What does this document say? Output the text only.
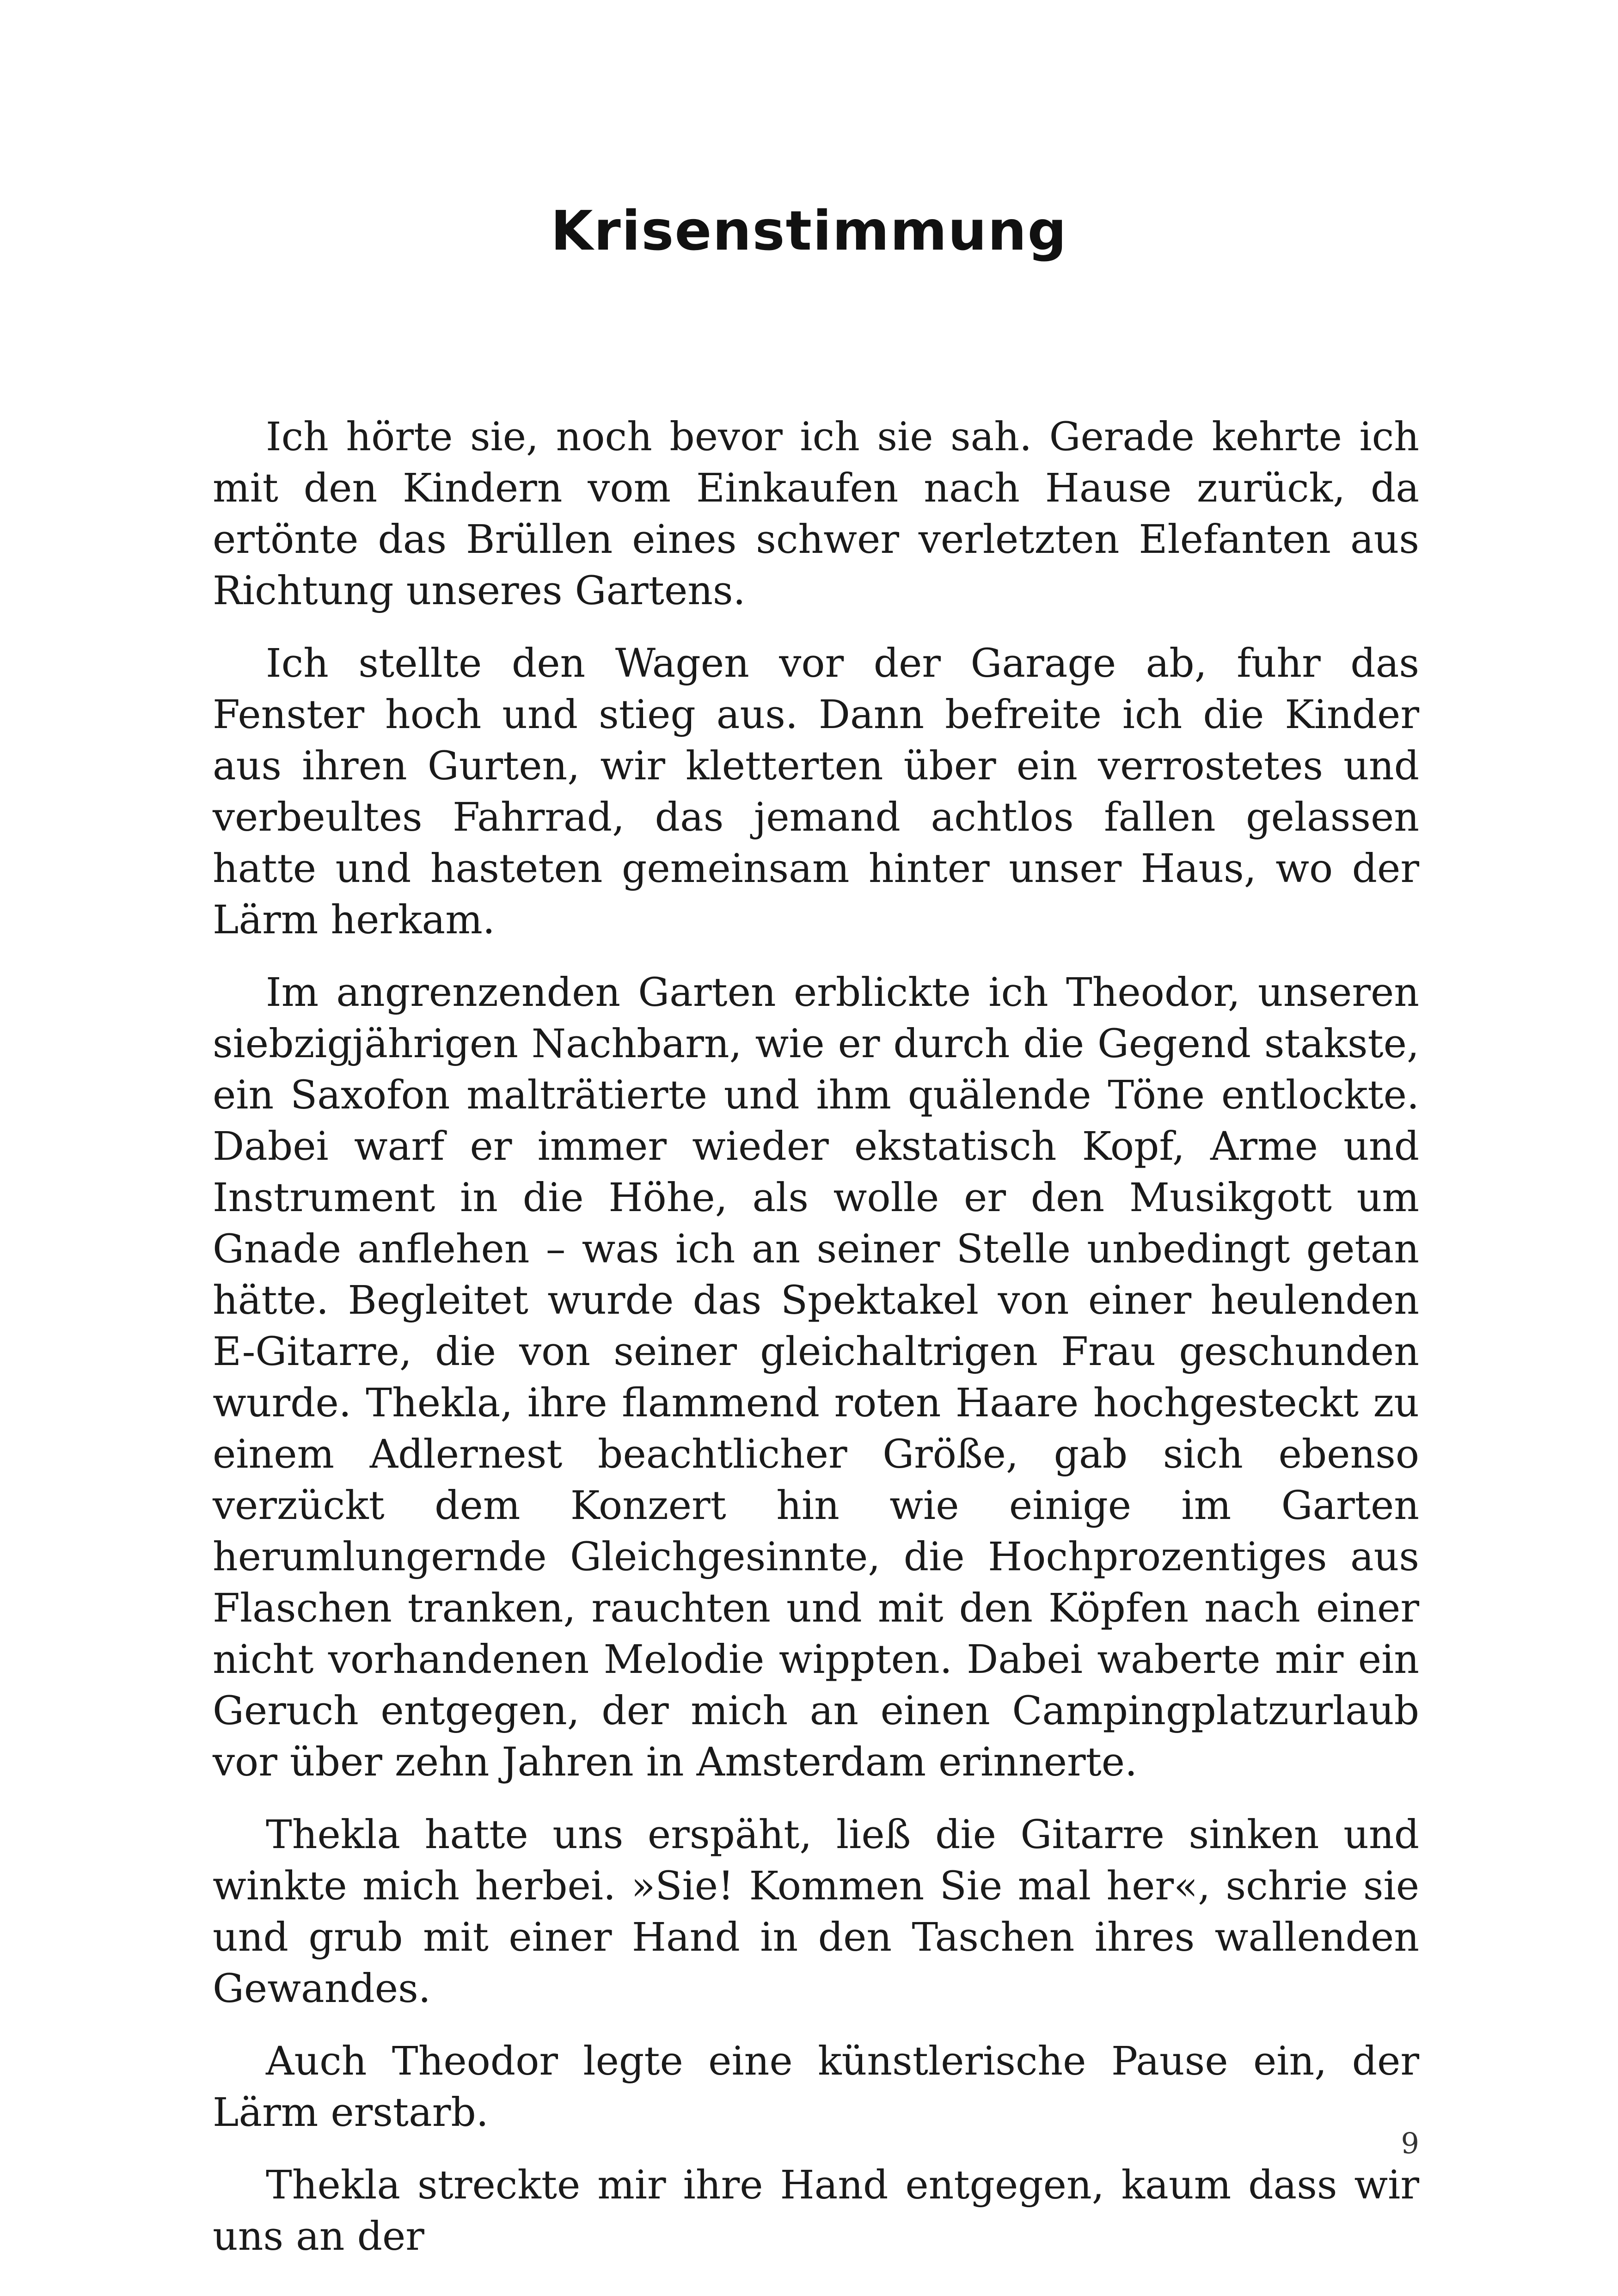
Krisenstimmung

Ich hörte sie, noch bevor ich sie sah. Gerade kehrte ich mit den Kindern vom Einkaufen nach Hause zurück, da ertönte das Brüllen eines schwer verletzten Elefanten aus Richtung unseres Gartens.

Ich stellte den Wagen vor der Garage ab, fuhr das Fenster hoch und stieg aus. Dann befreite ich die Kinder aus ihren Gurten, wir kletterten über ein verrostetes und verbeultes Fahrrad, das jemand achtlos fallen gelassen hatte und hasteten gemeinsam hinter unser Haus, wo der Lärm herkam.

Im angrenzenden Garten erblickte ich Theodor, unseren siebzigjährigen Nachbarn, wie er durch die Gegend stakste, ein Saxofon malträtierte und ihm quälende Töne entlockte. Dabei warf er immer wieder ekstatisch Kopf, Arme und Instrument in die Höhe, als wolle er den Musikgott um Gnade anflehen – was ich an seiner Stelle unbedingt getan hätte. Begleitet wurde das Spektakel von einer heulenden E-Gitarre, die von seiner gleichaltrigen Frau geschunden wurde. Thekla, ihre flammend roten Haare hochgesteckt zu einem Adlernest beachtlicher Größe, gab sich ebenso verzückt dem Konzert hin wie einige im Garten herumlungernde Gleichgesinnte, die Hochprozentiges aus Flaschen tranken, rauchten und mit den Köpfen nach einer nicht vorhandenen Melodie wippten. Dabei waberte mir ein Geruch entgegen, der mich an einen Campingplatzurlaub vor über zehn Jahren in Amsterdam erinnerte.

Thekla hatte uns erspäht, ließ die Gitarre sinken und winkte mich herbei. »Sie! Kommen Sie mal her«, schrie sie und grub mit einer Hand in den Taschen ihres wallenden Gewandes.

Auch Theodor legte eine künstlerische Pause ein, der Lärm erstarb.

Thekla streckte mir ihre Hand entgegen, kaum dass wir uns an der

9
